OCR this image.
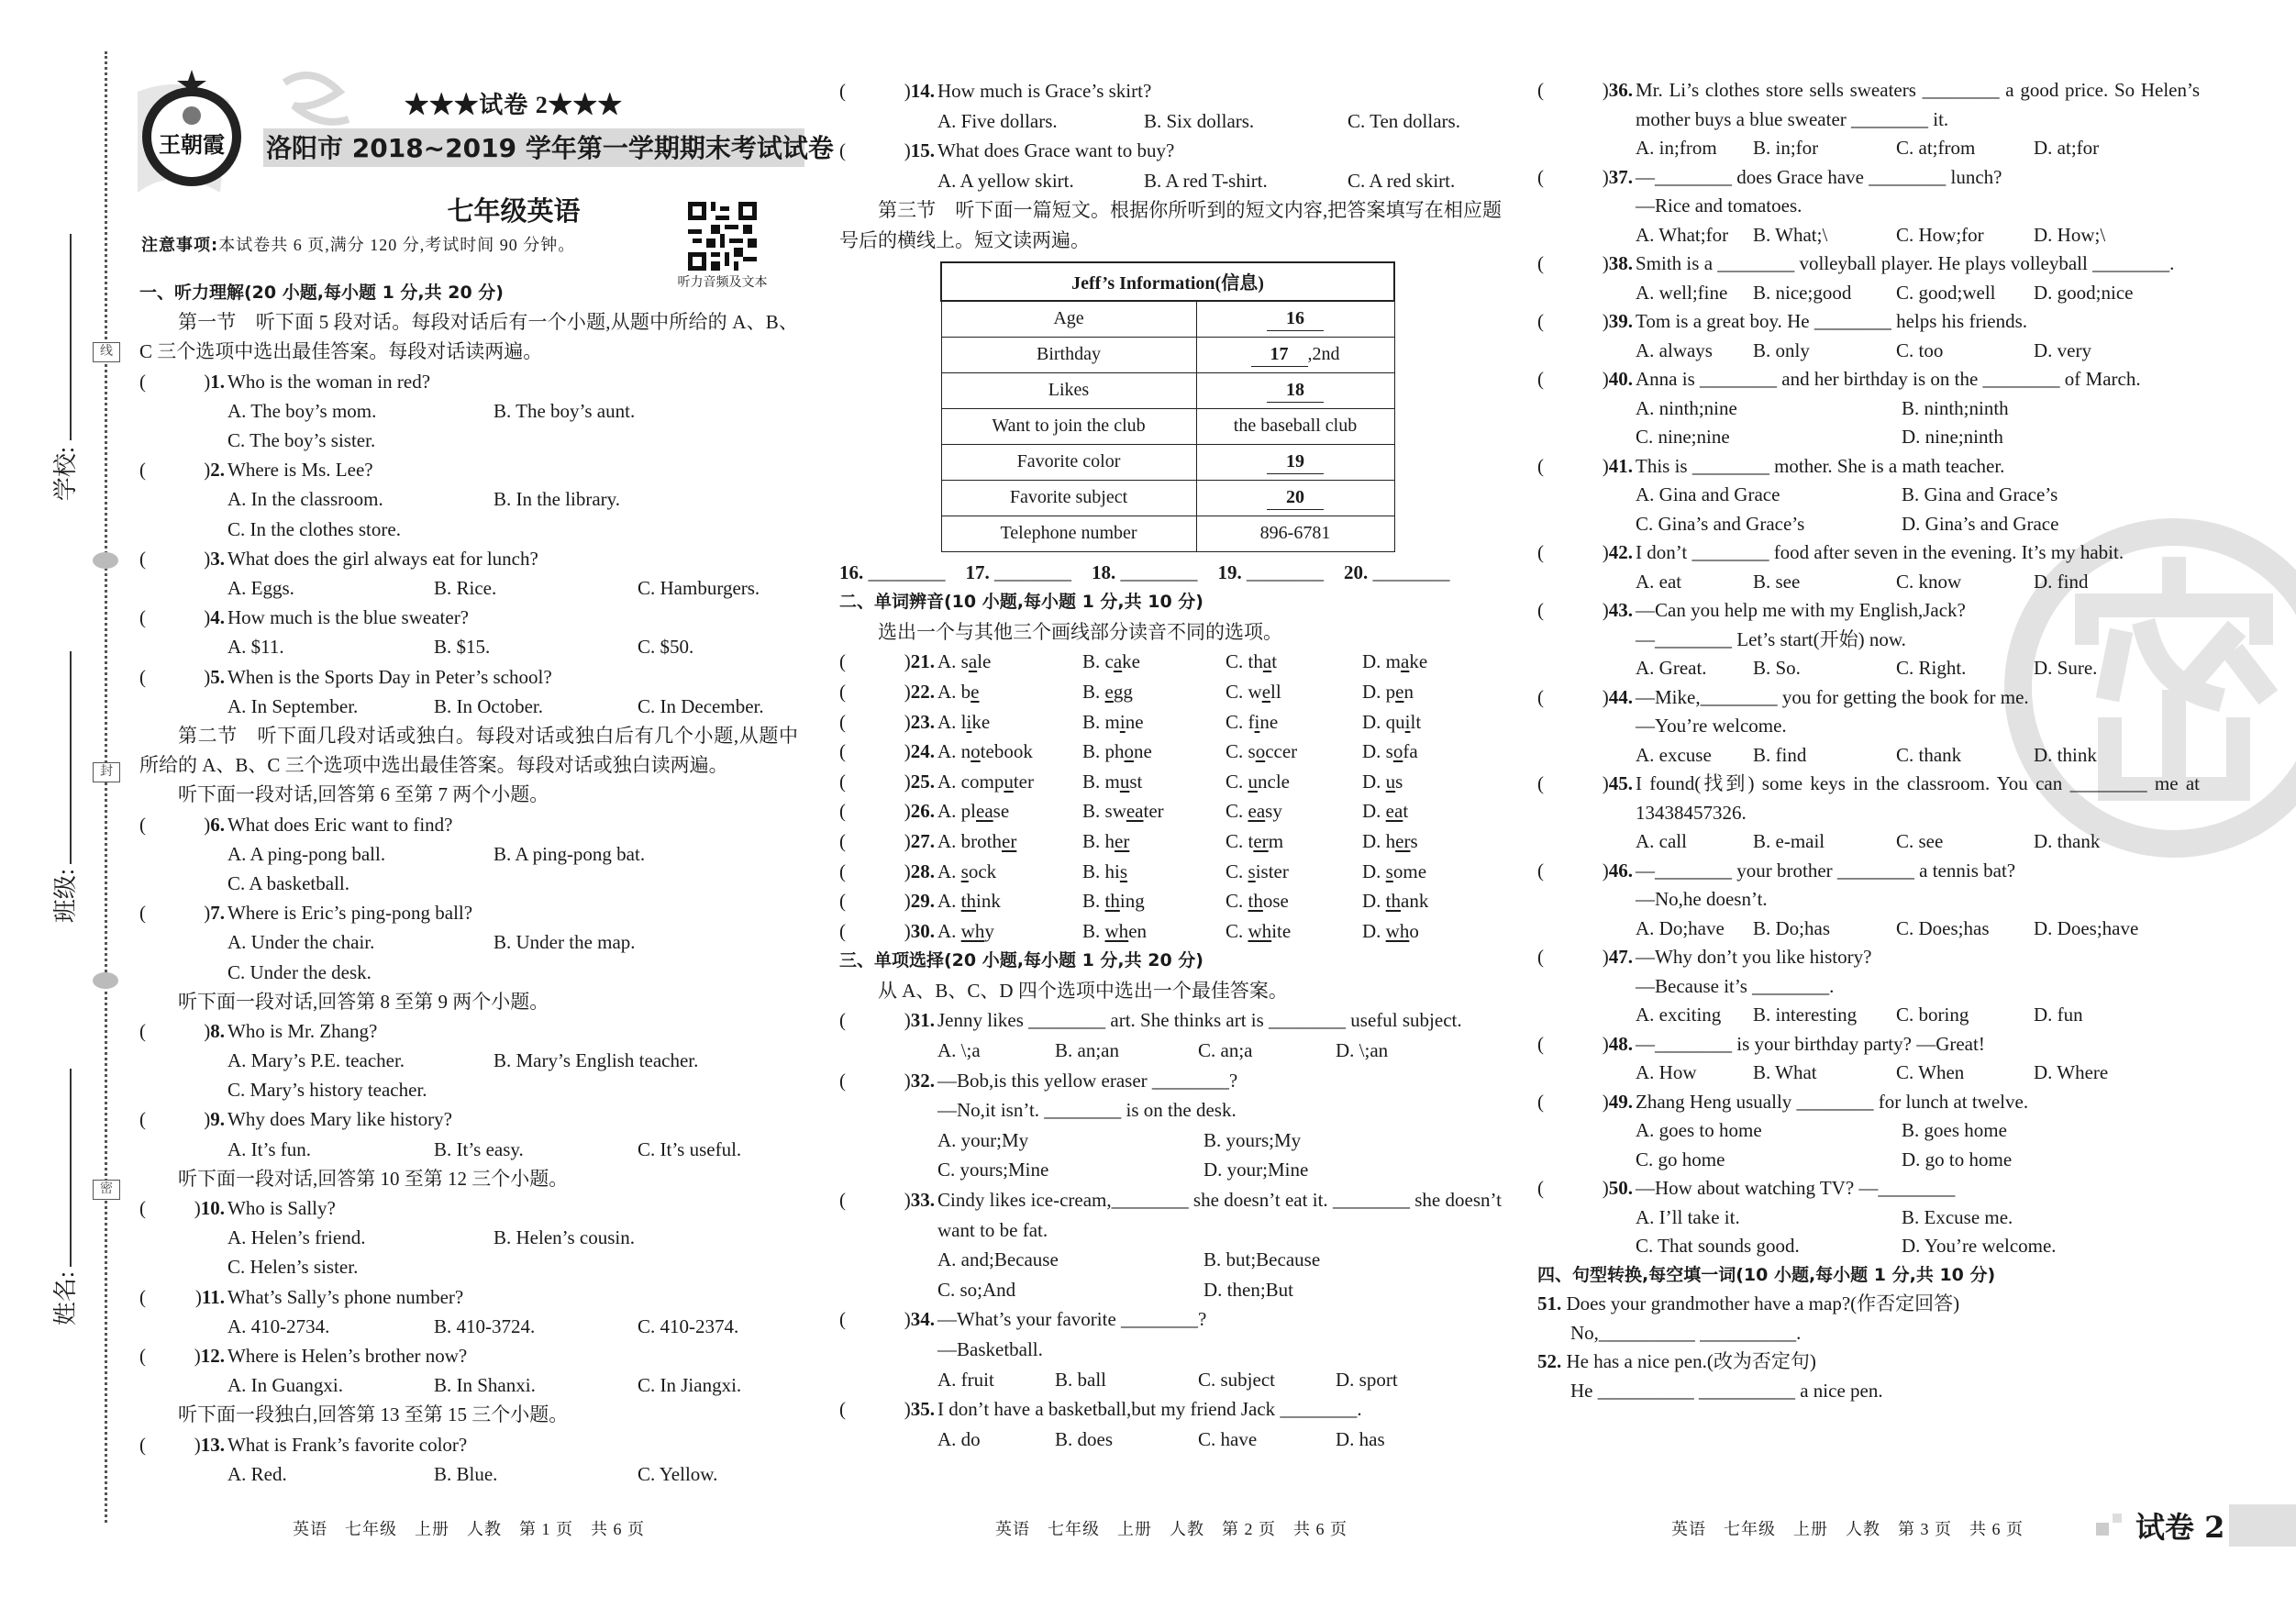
学校:
班级:
姓名:
线
封
密
王朝霞
★★★试卷 2★★★
洛阳市 2018~2019 学年第一学期期末考试试卷
七年级英语
注意事项:本试卷共 6 页,满分 120 分,考试时间 90 分钟。
听力音频及文本
一、听力理解(20 小题,每小题 1 分,共 20 分)
第一节　听下面 5 段对话。每段对话后有一个小题,从题中所给的 A、B、C 三个选项中选出最佳答案。每段对话读两遍。
(	) 1. Who is the woman in red?
A. The boy’s mom.	B. The boy’s aunt.
C. The boy’s sister.
(	) 2. Where is Ms. Lee?
A. In the classroom.	B. In the library.
C. In the clothes store.
(	) 3. What does the girl always eat for lunch?
A. Eggs.	B. Rice.	C. Hamburgers.
(	) 4. How much is the blue sweater?
A. $11.	B. $15.	C. $50.
(	) 5. When is the Sports Day in Peter’s school?
A. In September.	B. In October.	C. In December.
第二节　听下面几段对话或独白。每段对话或独白后有几个小题,从题中所给的 A、B、C 三个选项中选出最佳答案。每段对话或独白读两遍。
听下面一段对话,回答第 6 至第 7 两个小题。
(	) 6. What does Eric want to find?
A. A ping-pong ball.	B. A ping-pong bat.
C. A basketball.
(	) 7. Where is Eric’s ping-pong ball?
A. Under the chair.	B. Under the map.
C. Under the desk.
听下面一段对话,回答第 8 至第 9 两个小题。
(	) 8. Who is Mr. Zhang?
A. Mary’s P.E. teacher.	B. Mary’s English teacher.
C. Mary’s history teacher.
(	) 9. Why does Mary like history?
A. It’s fun.	B. It’s easy.	C. It’s useful.
听下面一段对话,回答第 10 至第 12 三个小题。
(	) 10. Who is Sally?
A. Helen’s friend.	B. Helen’s cousin.
C. Helen’s sister.
(	) 11. What’s Sally’s phone number?
A. 410-2734.	B. 410-3724.	C. 410-2374.
(	) 12. Where is Helen’s brother now?
A. In Guangxi.	B. In Shanxi.	C. In Jiangxi.
听下面一段独白,回答第 13 至第 15 三个小题。
(	) 13. What is Frank’s favorite color?
A. Red.	B. Blue.	C. Yellow.
(	) 14. How much is Grace’s skirt?
A. Five dollars.	B. Six dollars.	C. Ten dollars.
(	) 15. What does Grace want to buy?
A. A yellow skirt.	B. A red T-shirt.	C. A red skirt.
第三节　听下面一篇短文。根据你所听到的短文内容,把答案填写在相应题号后的横线上。短文读两遍。
Jeff’s Information(信息)	
Age	16
Birthday	17 ,2nd
Likes	18
Want to join the club	the baseball club
Favorite color	19
Favorite subject	20
Telephone number	896-6781
16. ________ 17. ________ 18. ________ 19. ________ 20. ________
二、单词辨音(10 小题,每小题 1 分,共 10 分)
选出一个与其他三个画线部分读音不同的选项。
(	) 21. A. sale	B. cake	C. that	D. make
(	) 22. A. be	B. egg	C. well	D. pen
(	) 23. A. like	B. mine	C. fine	D. quilt
(	) 24. A. notebook	B. phone	C. soccer	D. sofa
(	) 25. A. computer	B. must	C. uncle	D. us
(	) 26. A. please	B. sweater	C. easy	D. eat
(	) 27. A. brother	B. her	C. term	D. hers
(	) 28. A. sock	B. his	C. sister	D. some
(	) 29. A. think	B. thing	C. those	D. thank
(	) 30. A. why	B. when	C. white	D. who
三、单项选择(20 小题,每小题 1 分,共 20 分)
从 A、B、C、D 四个选项中选出一个最佳答案。
(	) 31. Jenny likes ________ art. She thinks art is ________ useful subject.
A. \;a	B. an;an	C. an;a	D. \;an
(	) 32. —Bob,is this yellow eraser ________?
—No,it isn’t. ________ is on the desk.
A. your;My	B. yours;My
C. yours;Mine	D. your;Mine
(	) 33. Cindy likes ice-cream,________ she doesn’t eat it. ________ she doesn’t want to be fat.
A. and;Because	B. but;Because
C. so;And	D. then;But
(	) 34. —What’s your favorite ________?
—Basketball.
A. fruit	B. ball	C. subject	D. sport
(	) 35. I don’t have a basketball,but my friend Jack ________.
A. do	B. does	C. have	D. has
(	) 36. Mr. Li’s clothes store sells sweaters ________ a good price. So Helen’s mother buys a blue sweater ________ it.
A. in;from B. in;for	C. at;from	D. at;for
(	) 37. —________ does Grace have ________ lunch?
—Rice and tomatoes.
A. What;for B. What;\	C. How;for	D. How;\
(	) 38. Smith is a ________ volleyball player. He plays volleyball ________.
A. well;fine B. nice;good C. good;well D. good;nice
(	) 39. Tom is a great boy. He ________ helps his friends.
A. always B. only	C. too	D. very
(	) 40. Anna is ________ and her birthday is on the ________ of March.
A. ninth;nine	B. ninth;ninth
C. nine;nine	D. nine;ninth
(	) 41. This is ________ mother. She is a math teacher.
A. Gina and Grace	B. Gina and Grace’s
C. Gina’s and Grace’s	D. Gina’s and Grace
(	) 42. I don’t ________ food after seven in the evening. It’s my habit.
A. eat	B. see	C. know	D. find
(	) 43. —Can you help me with my English,Jack?
—________ Let’s start(开始) now.
A. Great. B. So.	C. Right.	D. Sure.
(	) 44. —Mike,________ you for getting the book for me.
—You’re welcome.
A. excuse B. find	C. thank	D. think
(	) 45. I found(找到) some keys in the classroom. You can ________ me at 13438457326.
A. call	B. e-mail	C. see	D. thank
(	) 46. —________ your brother ________ a tennis bat?
—No,he doesn’t.
A. Do;have B. Do;has	C. Does;has D. Does;have
(	) 47. —Why don’t you like history?
—Because it’s ________.
A. exciting B. interesting C. boring	D. fun
(	) 48. —________ is your birthday party? —Great!
A. How	B. What	C. When	D. Where
(	) 49. Zhang Heng usually ________ for lunch at twelve.
A. goes to home	B. goes home
C. go home	D. go to home
(	) 50. —How about watching TV? —________
A. I’ll take it.	B. Excuse me.
C. That sounds good.	D. You’re welcome.
四、句型转换,每空填一词(10 小题,每小题 1 分,共 10 分)
51. Does your grandmother have a map?(作否定回答)
No,__________ __________.
52. He has a nice pen.(改为否定句)
He __________ __________ a nice pen.
英语　七年级　上册　人教　第 1 页　共 6 页	英语　七年级　上册　人教　第 2 页　共 6 页	英语　七年级　上册　人教　第 3 页　共 6 页	试卷 2
